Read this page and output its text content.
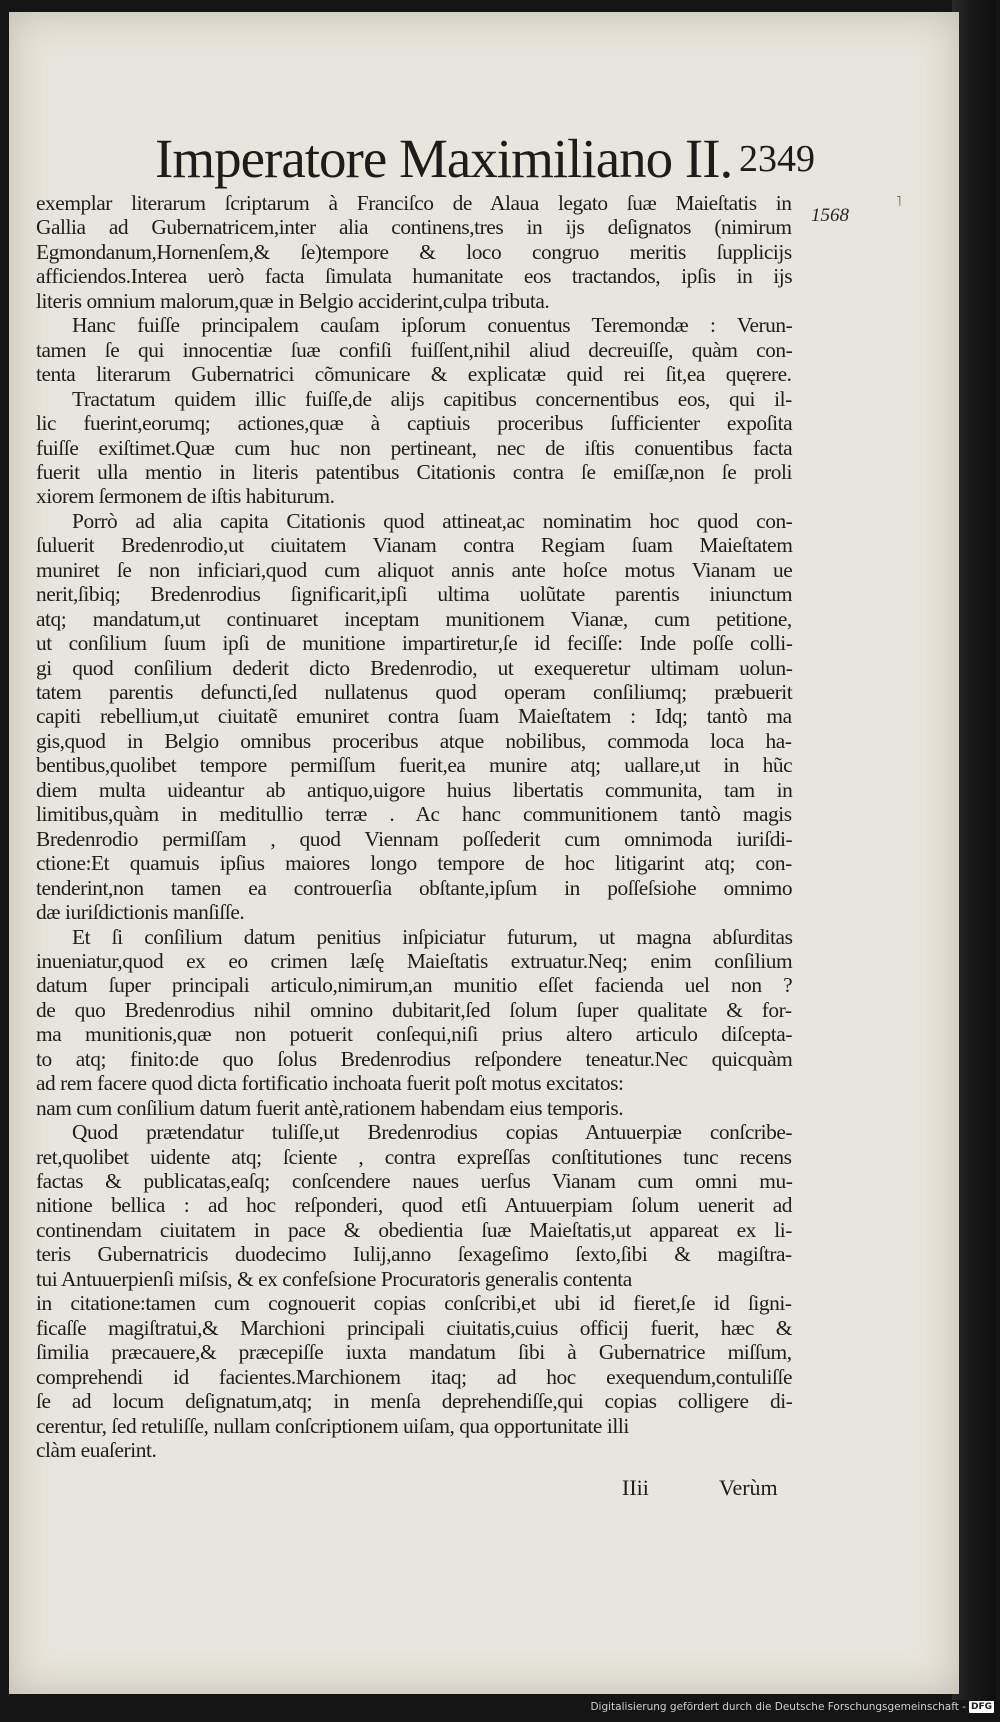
Imperatore Maximiliano II. 2349
1568
˥
exemplar literarum ſcriptarum à Franciſco de Alaua legato ſuæ Maieſtatis in
Gallia ad Gubernatricem,inter alia continens,tres in ijs deſignatos (nimirum
Egmondanum,Hornenſem,& ſe)tempore & loco congruo meritis ſupplicijs
afficiendos.Interea uerò facta ſimulata humanitate eos tractandos, ipſis in ijs
literis omnium malorum,quæ in Belgio acciderint,culpa tributa.
Hanc fuiſſe principalem cauſam ipſorum conuentus Teremondæ : Verun-
tamen ſe qui innocentiæ ſuæ confiſi fuiſſent,nihil aliud decreuiſſe, quàm con-
tenta literarum Gubernatrici cõmunicare & explicatæ quid rei ſit,ea quęrere.
Tractatum quidem illic fuiſſe,de alijs capitibus concernentibus eos, qui il-
lic fuerint,eorumq; actiones,quæ à captiuis proceribus ſufficienter expoſita
fuiſſe exiſtimet.Quæ cum huc non pertineant, nec de iſtis conuentibus facta
fuerit ulla mentio in literis patentibus Citationis contra ſe emiſſæ,non ſe proli
xiorem ſermonem de iſtis habiturum.
Porrò ad alia capita Citationis quod attineat,ac nominatim hoc quod con-
ſuluerit Bredenrodio,ut ciuitatem Vianam contra Regiam ſuam Maieſtatem
muniret ſe non inficiari,quod cum aliquot annis ante hoſce motus Vianam ue
nerit,ſibiq; Bredenrodius ſignificarit,ipſi ultima uolũtate parentis iniunctum
atq; mandatum,ut continuaret inceptam munitionem Vianæ, cum petitione,
ut conſilium ſuum ipſi de munitione impartiretur,ſe id feciſſe: Inde poſſe colli-
gi quod conſilium dederit dicto Bredenrodio, ut exequeretur ultimam uolun-
tatem parentis defuncti,ſed nullatenus quod operam conſiliumq; præbuerit
capiti rebellium,ut ciuitatẽ emuniret contra ſuam Maieſtatem : Idq; tantò ma
gis,quod in Belgio omnibus proceribus atque nobilibus, commoda loca ha-
bentibus,quolibet tempore permiſſum fuerit,ea munire atq; uallare,ut in hũc
diem multa uideantur ab antiquo,uigore huius libertatis communita, tam in
limitibus,quàm in meditullio terræ . Ac hanc communitionem tantò magis
Bredenrodio permiſſam , quod Viennam poſſederit cum omnimoda iuriſdi-
ctione:Et quamuis ipſius maiores longo tempore de hoc litigarint atq; con-
tenderint,non tamen ea controuerſia obſtante,ipſum in poſſeſsiohe omnimo
dæ iuriſdictionis manſiſſe.
Et ſi conſilium datum penitius inſpiciatur futurum, ut magna abſurditas
inueniatur,quod ex eo crimen læſę Maieſtatis extruatur.Neq; enim conſilium
datum ſuper principali articulo,nimirum,an munitio eſſet facienda uel non ?
de quo Bredenrodius nihil omnino dubitarit,ſed ſolum ſuper qualitate & for-
ma munitionis,quæ non potuerit conſequi,niſi prius altero articulo diſcepta-
to atq; finito:de quo ſolus Bredenrodius reſpondere teneatur.Nec quicquàm
ad rem facere quod dicta fortificatio inchoata fuerit poſt motus excitatos:
nam cum conſilium datum fuerit antè,rationem habendam eius temporis.
Quod prætendatur tuliſſe,ut Bredenrodius copias Antuuerpiæ conſcribe-
ret,quolibet uidente atq; ſciente , contra expreſſas conſtitutiones tunc recens
factas & publicatas,eaſq; conſcendere naues uerſus Vianam cum omni mu-
nitione bellica : ad hoc reſponderi, quod etſi Antuuerpiam ſolum uenerit ad
continendam ciuitatem in pace & obedientia ſuæ Maieſtatis,ut appareat ex li-
teris Gubernatricis duodecimo Iulij,anno ſexageſimo ſexto,ſibi & magiſtra-
tui Antuuerpienſi miſsis, & ex confeſsione Procuratoris generalis contenta
in citatione:tamen cum cognouerit copias conſcribi,et ubi id fieret,ſe id ſigni-
ficaſſe magiſtratui,& Marchioni principali ciuitatis,cuius officij fuerit, hæc &
ſimilia præcauere,& præcepiſſe iuxta mandatum ſibi à Gubernatrice miſſum,
comprehendi id facientes.Marchionem itaq; ad hoc exequendum,contuliſſe
ſe ad locum deſignatum,atq; in menſa deprehendiſſe,qui copias colligere di-
cerentur, ſed retuliſſe, nullam conſcriptionem uiſam, qua opportunitate illi
clàm euaſerint.
IIii	Verùm
Digitalisierung gefördert durch die Deutsche Forschungsgemeinschaft - DFG
